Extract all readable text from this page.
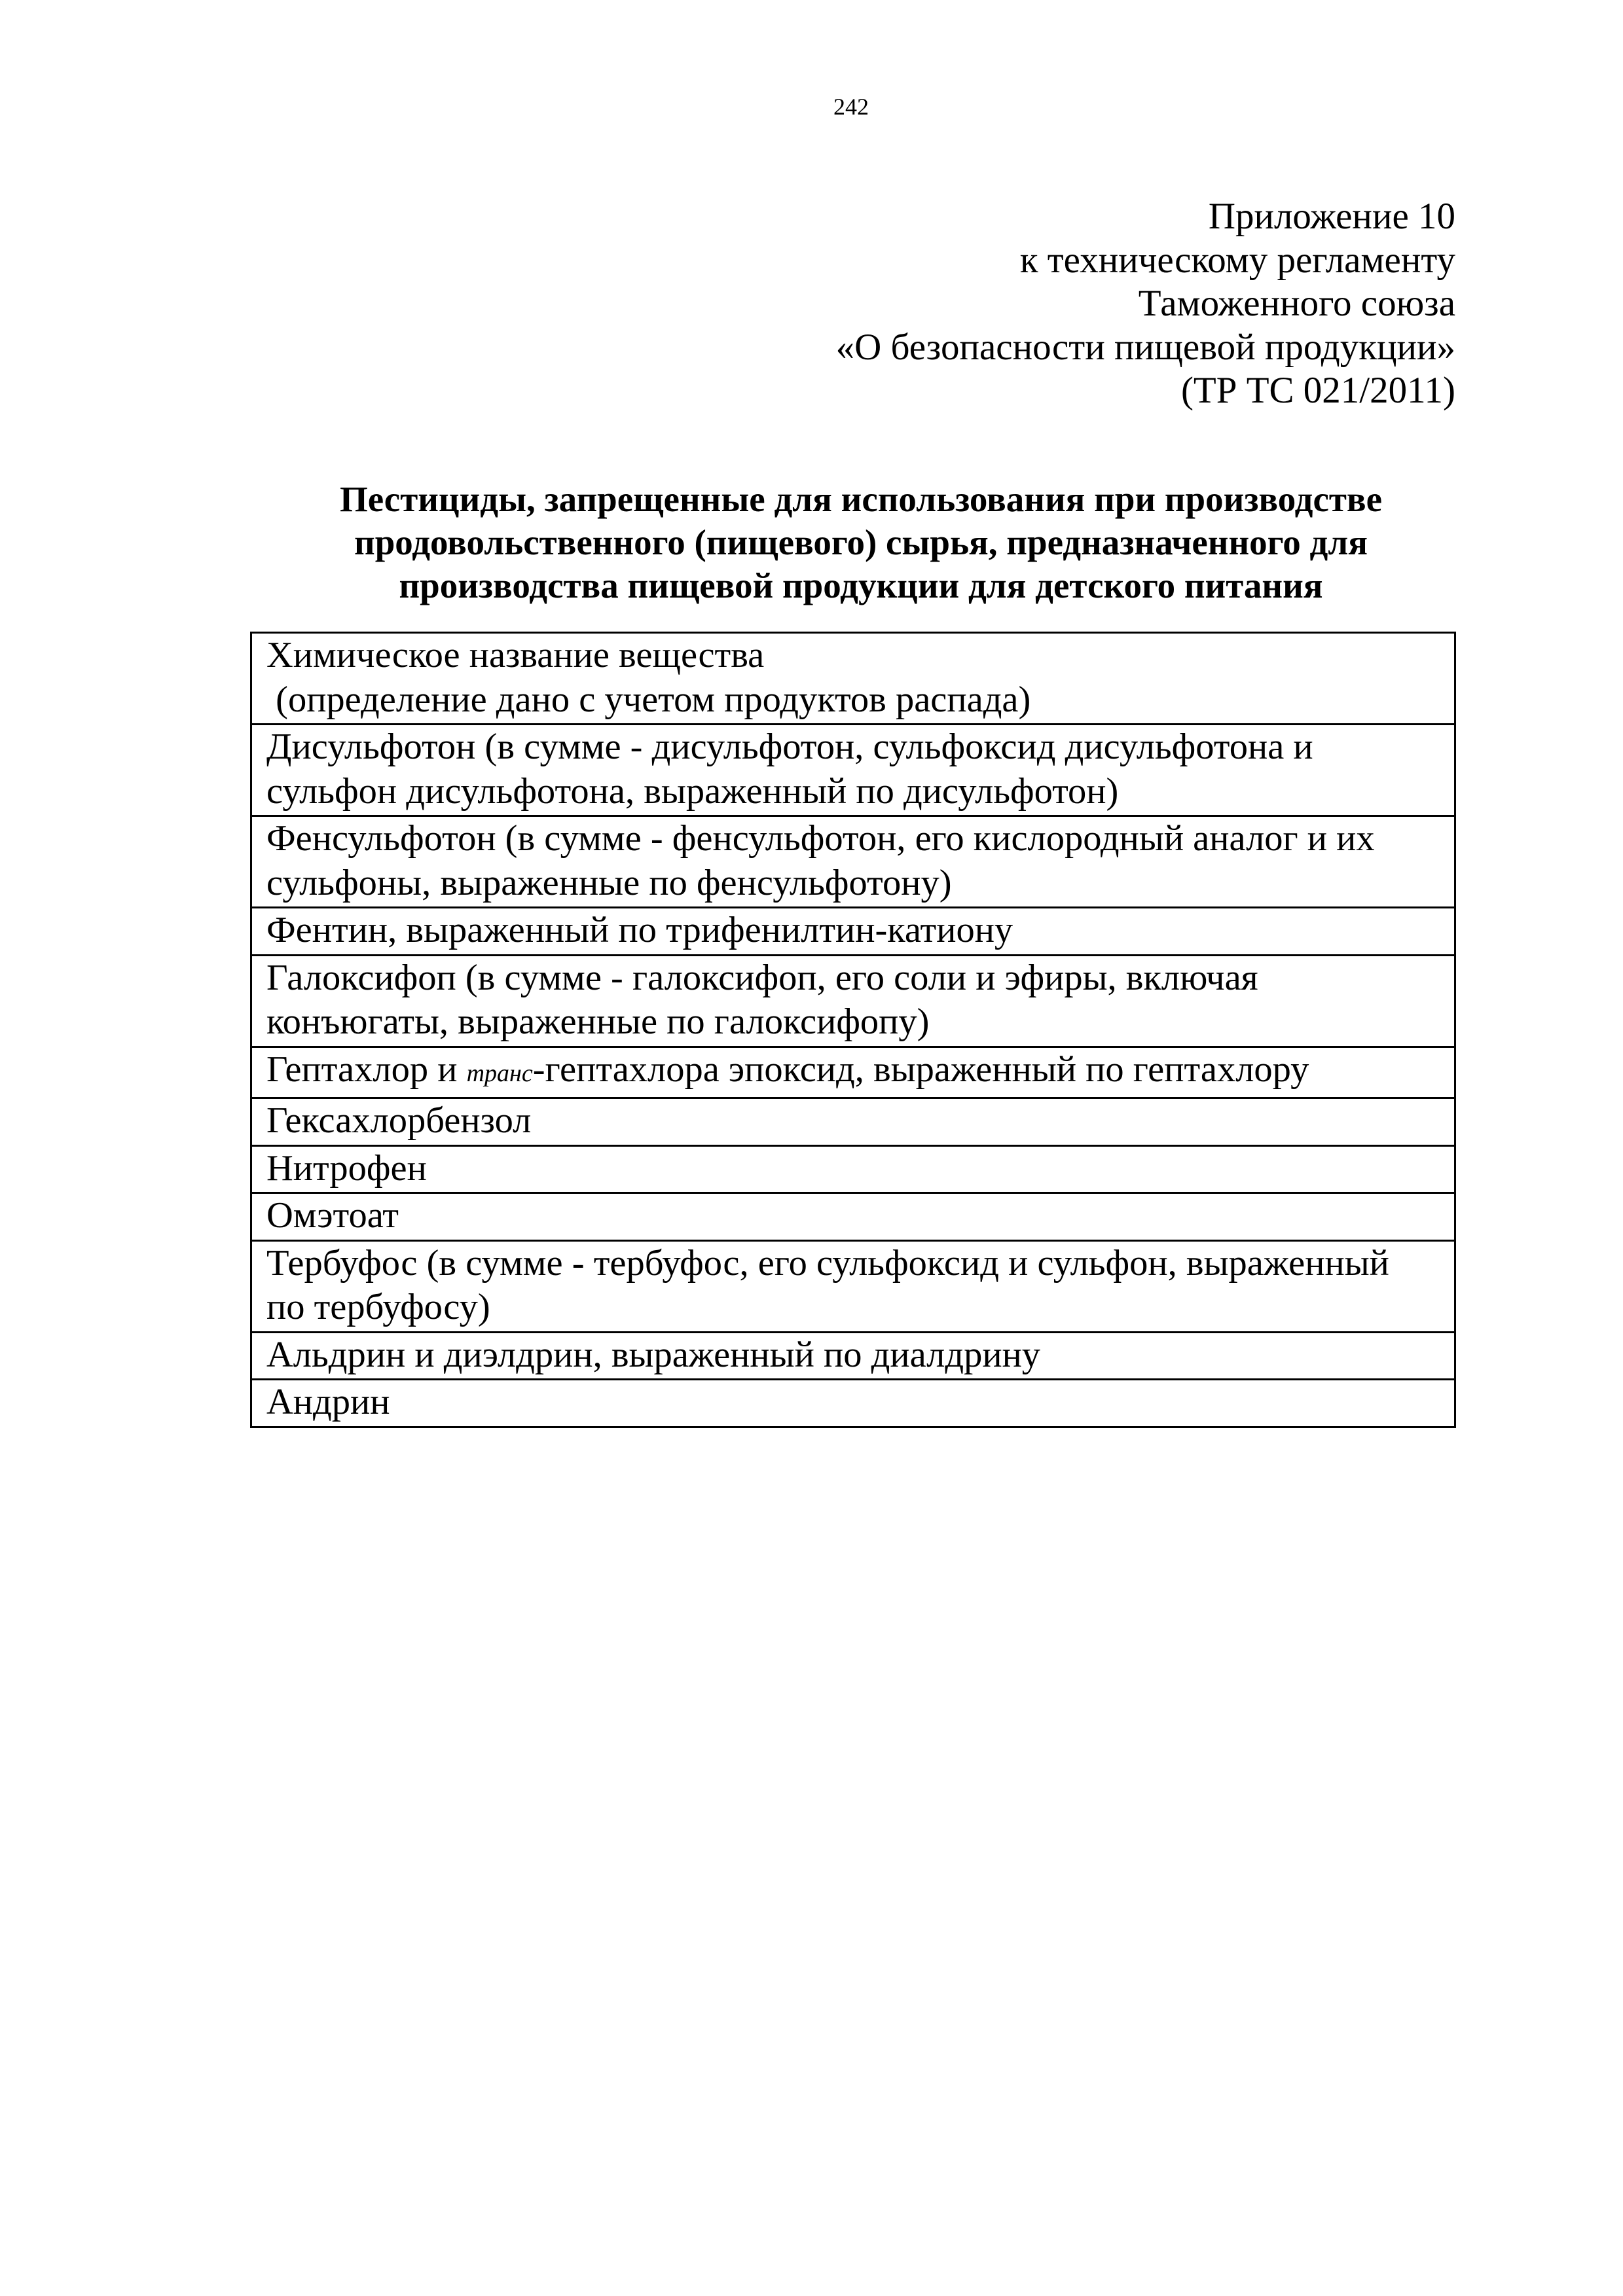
242
Приложение 10
к техническому регламенту
Таможенного союза
«О безопасности пищевой продукции»
(ТР ТС 021/2011)
Пестициды, запрещенные для использования при производстве
продовольственного (пищевого) сырья, предназначенного для
производства пищевой продукции для детского питания
Химическое название вещества
(определение дано с учетом продуктов распада)

Дисульфотон (в сумме - дисульфотон, сульфоксид дисульфотона и
сульфон дисульфотона, выраженный по дисульфотон)

Фенсульфотон (в сумме - фенсульфотон, его кислородный аналог и их
сульфоны, выраженные по фенсульфотону)

Фентин, выраженный по трифенилтин-катиону

Галоксифоп (в сумме - галоксифоп, его соли и эфиры, включая
конъюгаты, выраженные по галоксифопу)

Гептахлор и транс-гептахлора эпоксид, выраженный по гептахлору

Гексахлорбензол

Нитрофен

Омэтоат

Тербуфос (в сумме - тербуфос, его сульфоксид и сульфон, выраженный
по тербуфосу)

Альдрин и диэлдрин, выраженный по диалдрину

Андрин
